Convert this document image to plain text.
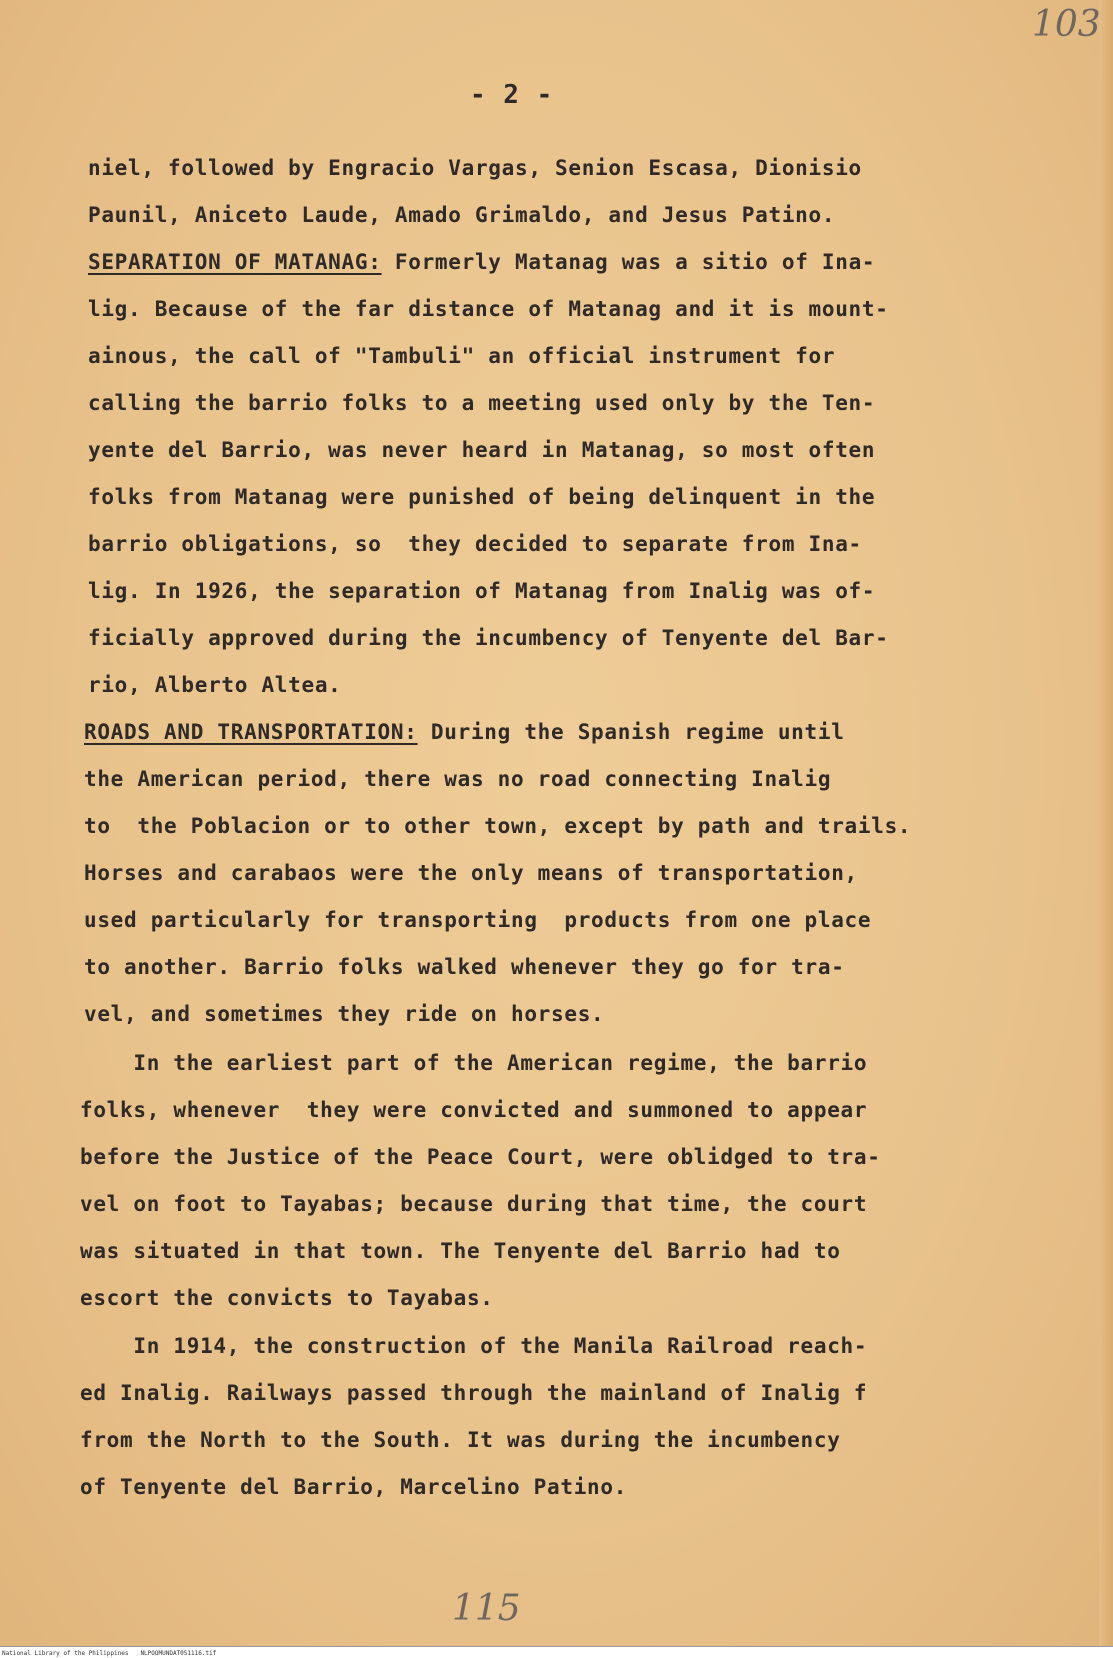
103
- 2 -
niel, followed by Engracio Vargas, Senion Escasa, Dionisio
Paunil, Aniceto Laude, Amado Grimaldo, and Jesus Patino.
SEPARATION OF MATANAG: Formerly Matanag was a sitio of Ina-
lig. Because of the far distance of Matanag and it is mount-
ainous, the call of "Tambuli" an official instrument for
calling the barrio folks to a meeting used only by the Ten-
yente del Barrio, was never heard in Matanag, so most often
folks from Matanag were punished of being delinquent in the
barrio obligations, so  they decided to separate from Ina-
lig. In 1926, the separation of Matanag from Inalig was of-
ficially approved during the incumbency of Tenyente del Bar-
rio, Alberto Altea.
ROADS AND TRANSPORTATION: During the Spanish regime until
the American period, there was no road connecting Inalig
to  the Poblacion or to other town, except by path and trails.
Horses and carabaos were the only means of transportation,
used particularly for transporting  products from one place
to another. Barrio folks walked whenever they go for tra-
vel, and sometimes they ride on horses.
In the earliest part of the American regime, the barrio
folks, whenever  they were convicted and summoned to appear
before the Justice of the Peace Court, were oblidged to tra-
vel on foot to Tayabas; because during that time, the court
was situated in that town. The Tenyente del Barrio had to
escort the convicts to Tayabas.
In 1914, the construction of the Manila Railroad reach-
ed Inalig. Railways passed through the mainland of Inalig f
from the North to the South. It was during the incumbency
of Tenyente del Barrio, Marcelino Patino.
115
National Library of the Philippines NLPOOMUNDAT051116.tif
